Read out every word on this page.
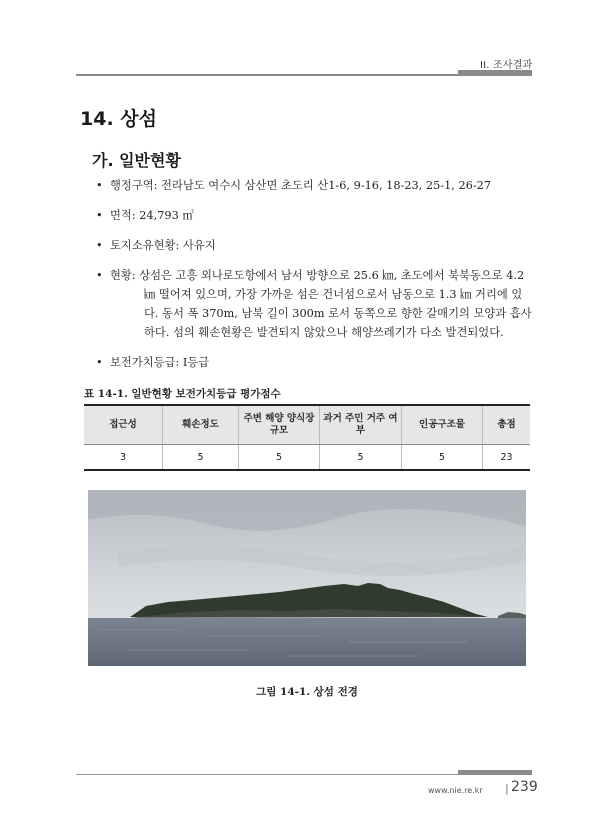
II. 조사결과
14. 상섬
가. 일반현황
• 행정구역: 전라남도 여수시 삼산면 초도리 산1-6, 9-16, 18-23, 25-1, 26-27
• 면적: 24,793 ㎡
• 토지소유현황: 사유지
• 현황: 상섬은 고흥 외나로도항에서 남서 방향으로 25.6 ㎞, 초도에서 북북동으로 4.2
㎞ 떨어져 있으며, 가장 가까운 섬은 건너섬으로서 남동으로 1.3 ㎞ 거리에 있
다. 동서 폭 370m, 남북 길이 300m 로서 동쪽으로 향한 갈매기의 모양과 흡사
하다. 섬의 훼손현황은 발견되지 않았으나 해양쓰레기가 다소 발견되었다.
• 보전가치등급: Ⅰ등급
표 14-1. 일반현황 보전가치등급 평가점수
접근성	훼손정도	주변 해양 양식장 규모	과거 주민 거주 여부	인공구조물	총점
3	5	5	5	5	23
그림 14-1. 상섬 전경
www.nie.re.kr | 239
